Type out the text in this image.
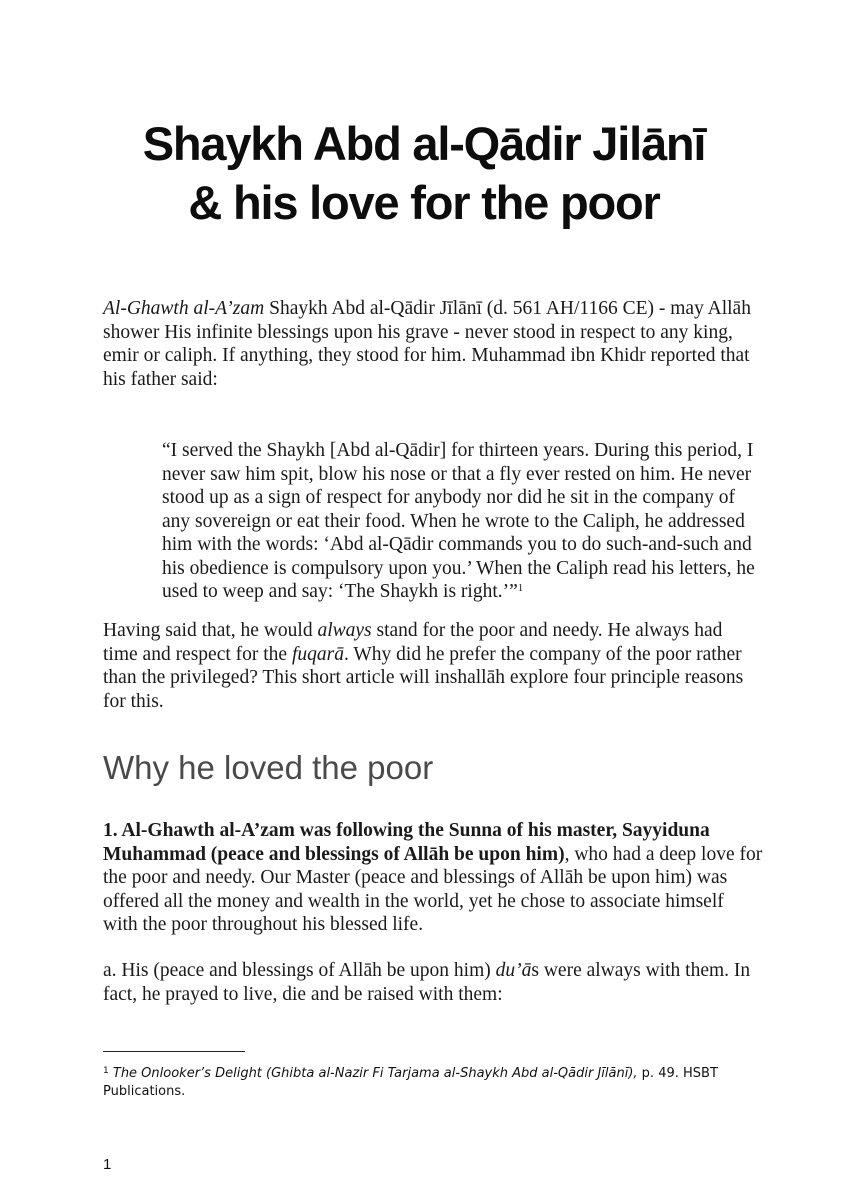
Shaykh Abd al-Qādir Jilānī
& his love for the poor

Al-Ghawth al-A’zam Shaykh Abd al-Qādir Jīlānī (d. 561 AH/1166 CE) - may Allāh shower His infinite blessings upon his grave - never stood in respect to any king, emir or caliph. If anything, they stood for him. Muhammad ibn Khidr reported that his father said:

“I served the Shaykh [Abd al-Qādir] for thirteen years. During this period, I never saw him spit, blow his nose or that a fly ever rested on him. He never stood up as a sign of respect for anybody nor did he sit in the company of any sovereign or eat their food. When he wrote to the Caliph, he addressed him with the words: ‘Abd al-Qādir commands you to do such-and-such and his obedience is compulsory upon you.’ When the Caliph read his letters, he used to weep and say: ‘The Shaykh is right.’”$^1$

Having said that, he would always stand for the poor and needy. He always had time and respect for the fuqarā. Why did he prefer the company of the poor rather than the privileged? This short article will inshallāh explore four principle reasons for this.

Why he loved the poor

1. Al-Ghawth al-A’zam was following the Sunna of his master, Sayyiduna Muhammad (peace and blessings of Allāh be upon him), who had a deep love for the poor and needy. Our Master (peace and blessings of Allāh be upon him) was offered all the money and wealth in the world, yet he chose to associate himself with the poor throughout his blessed life.

a. His (peace and blessings of Allāh be upon him) du’ās were always with them. In fact, he prayed to live, die and be raised with them:

$^1$ The Onlooker’s Delight (Ghibta al-Nazir Fi Tarjama al-Shaykh Abd al-Qādir Jīlānī), p. 49. HSBT Publications.

1
